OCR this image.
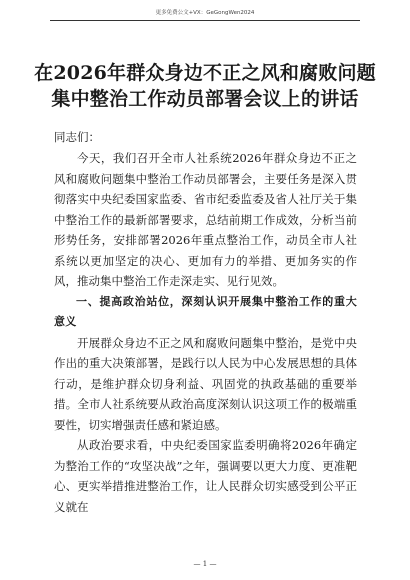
更多免费公文+VX：GeGongWen2024
在2026年群众身边不正之风和腐败问题
集中整治工作动员部署会议上的讲话
同志们：

今天，我们召开全市人社系统2026年群众身边不正之风和腐败问题集中整治工作动员部署会，主要任务是深入贯彻落实中央纪委国家监委、省市纪委监委及省人社厅关于集中整治工作的最新部署要求，总结前期工作成效，分析当前形势任务，安排部署2026年重点整治工作，动员全市人社系统以更加坚定的决心、更加有力的举措、更加务实的作风，推动集中整治工作走深走实、见行见效。

一、提高政治站位，深刻认识开展集中整治工作的重大意义

开展群众身边不正之风和腐败问题集中整治，是党中央作出的重大决策部署，是践行以人民为中心发展思想的具体行动，是维护群众切身利益、巩固党的执政基础的重要举措。全市人社系统要从政治高度深刻认识这项工作的极端重要性，切实增强责任感和紧迫感。

从政治要求看，中央纪委国家监委明确将2026年确定为整治工作的“攻坚决战”之年，强调要以更大力度、更准靶心、更实举措推进整治工作，让人民群众切实感受到公平正义就在

— 1 —
